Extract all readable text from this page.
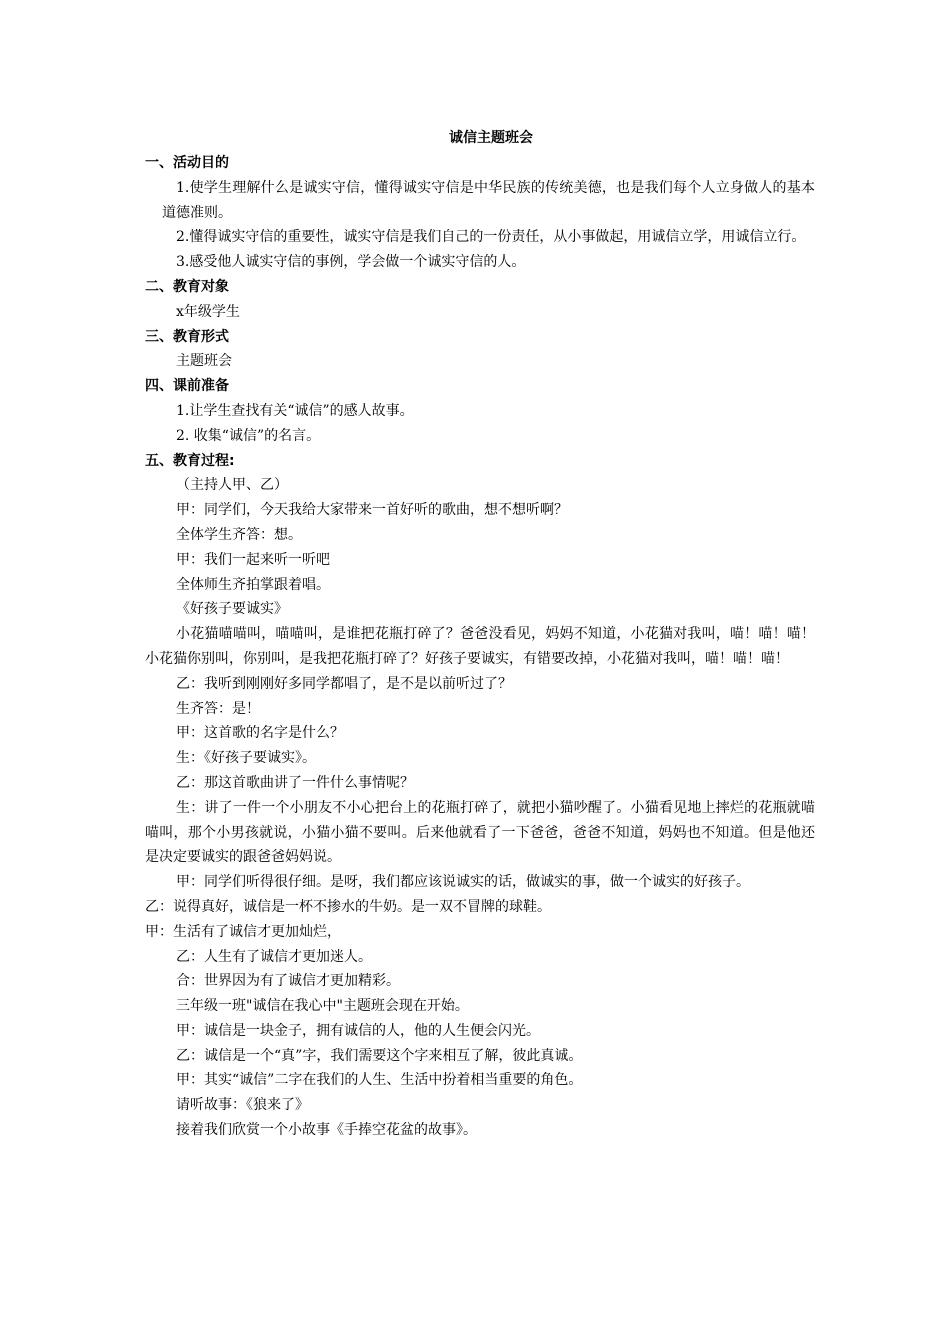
诚信主题班会
一、活动目的

1.使学生理解什么是诚实守信，懂得诚实守信是中华民族的传统美德，也是我们每个人立身做人的基本道德准则。

2.懂得诚实守信的重要性，诚实守信是我们自己的一份责任，从小事做起，用诚信立学，用诚信立行。

3.感受他人诚实守信的事例，学会做一个诚实守信的人。

二、教育对象

x年级学生

三、教育形式

主题班会

四、课前准备

1.让学生查找有关“诚信”的感人故事。

2. 收集“诚信”的名言。

五、教育过程:

（主持人甲、乙）

甲：同学们，今天我给大家带来一首好听的歌曲，想不想听啊？

全体学生齐答：想。

甲：我们一起来听一听吧

全体师生齐拍掌跟着唱。

《好孩子要诚实》

小花猫喵喵叫，喵喵叫，是谁把花瓶打碎了？爸爸没看见，妈妈不知道，小花猫对我叫，喵！喵！喵！小花猫你别叫，你别叫，是我把花瓶打碎了？好孩子要诚实，有错要改掉，小花猫对我叫，喵！喵！喵！

乙：我听到刚刚好多同学都唱了，是不是以前听过了？

生齐答：是！

甲：这首歌的名字是什么？

生：《好孩子要诚实》。

乙：那这首歌曲讲了一件什么事情呢？

生：讲了一件一个小朋友不小心把台上的花瓶打碎了，就把小猫吵醒了。小猫看见地上摔烂的花瓶就喵喵叫，那个小男孩就说，小猫小猫不要叫。后来他就看了一下爸爸，爸爸不知道，妈妈也不知道。但是他还是决定要诚实的跟爸爸妈妈说。

甲：同学们听得很仔细。是呀，我们都应该说诚实的话，做诚实的事，做一个诚实的好孩子。

乙：说得真好，诚信是一杯不掺水的牛奶。是一双不冒牌的球鞋。

甲：生活有了诚信才更加灿烂，

乙：人生有了诚信才更加迷人。

合：世界因为有了诚信才更加精彩。

三年级一班"诚信在我心中"主题班会现在开始。

甲：诚信是一块金子，拥有诚信的人，他的人生便会闪光。

乙：诚信是一个“真”字，我们需要这个字来相互了解，彼此真诚。

甲：其实“诚信”二字在我们的人生、生活中扮着相当重要的角色。

请听故事：《狼来了》

接着我们欣赏一个小故事《手捧空花盆的故事》。
